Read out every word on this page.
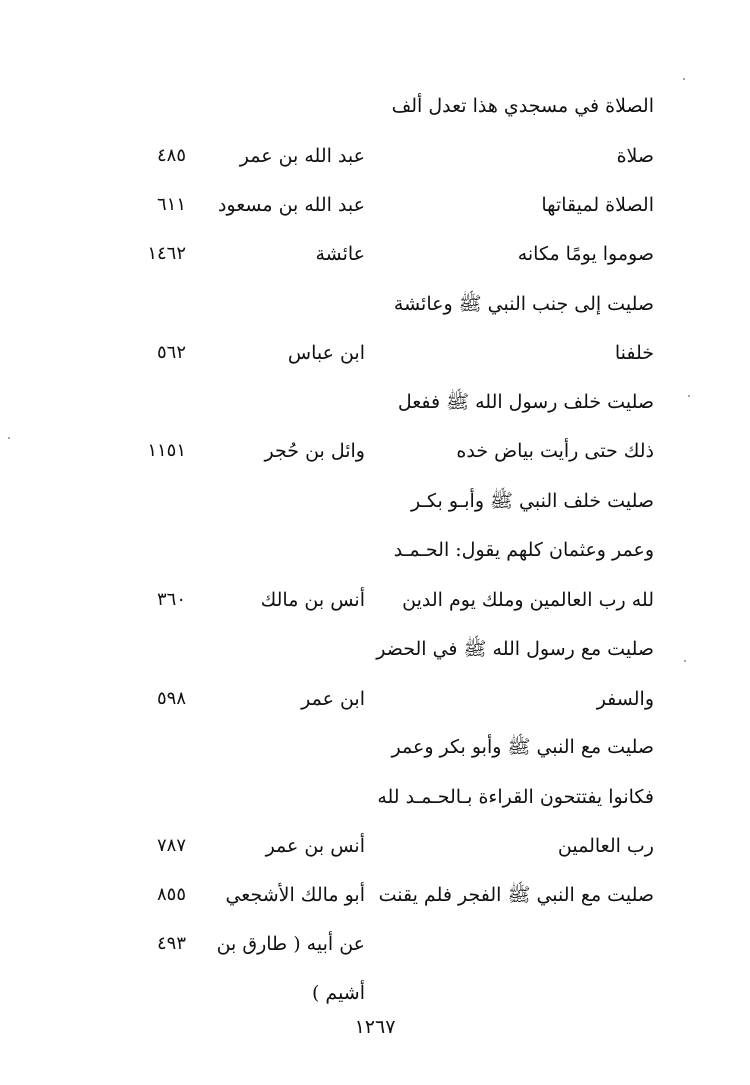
الصلاة في مسجدي هذا تعدل ألف
صلاة
عبد الله بن عمر
٤٨٥
الصلاة لميقاتها
عبد الله بن مسعود
٦١١
صوموا يومًا مكانه
عائشة
١٤٦٢
صليت إلى جنب النبي ﷺ وعائشة
خلفنا
ابن عباس
٥٦٢
صليت خلف رسول الله ﷺ ففعل
ذلك حتى رأيت بياض خده
وائل بن حُجر
١١٥١
صليت خلف النبي ﷺ وأبـو بكـر
وعمر وعثمان كلهم يقول: الحـمـد
لله رب العالمين وملك يوم الدين
أنس بن مالك
٣٦٠
صليت مع رسول الله ﷺ في الحضر
والسفر
ابن عمر
٥٩٨
صليت مع النبي ﷺ وأبو بكر وعمر
فكانوا يفتتحون القراءة بـالحـمـد لله
رب العالمين
أنس بن عمر
٧٨٧
صليت مع النبي ﷺ الفجر فلم يقنت
أبو مالك الأشجعي
٨٥٥
عن أبيه ( طارق بن
٤٩٣
أشيم )
١٢٦٧
